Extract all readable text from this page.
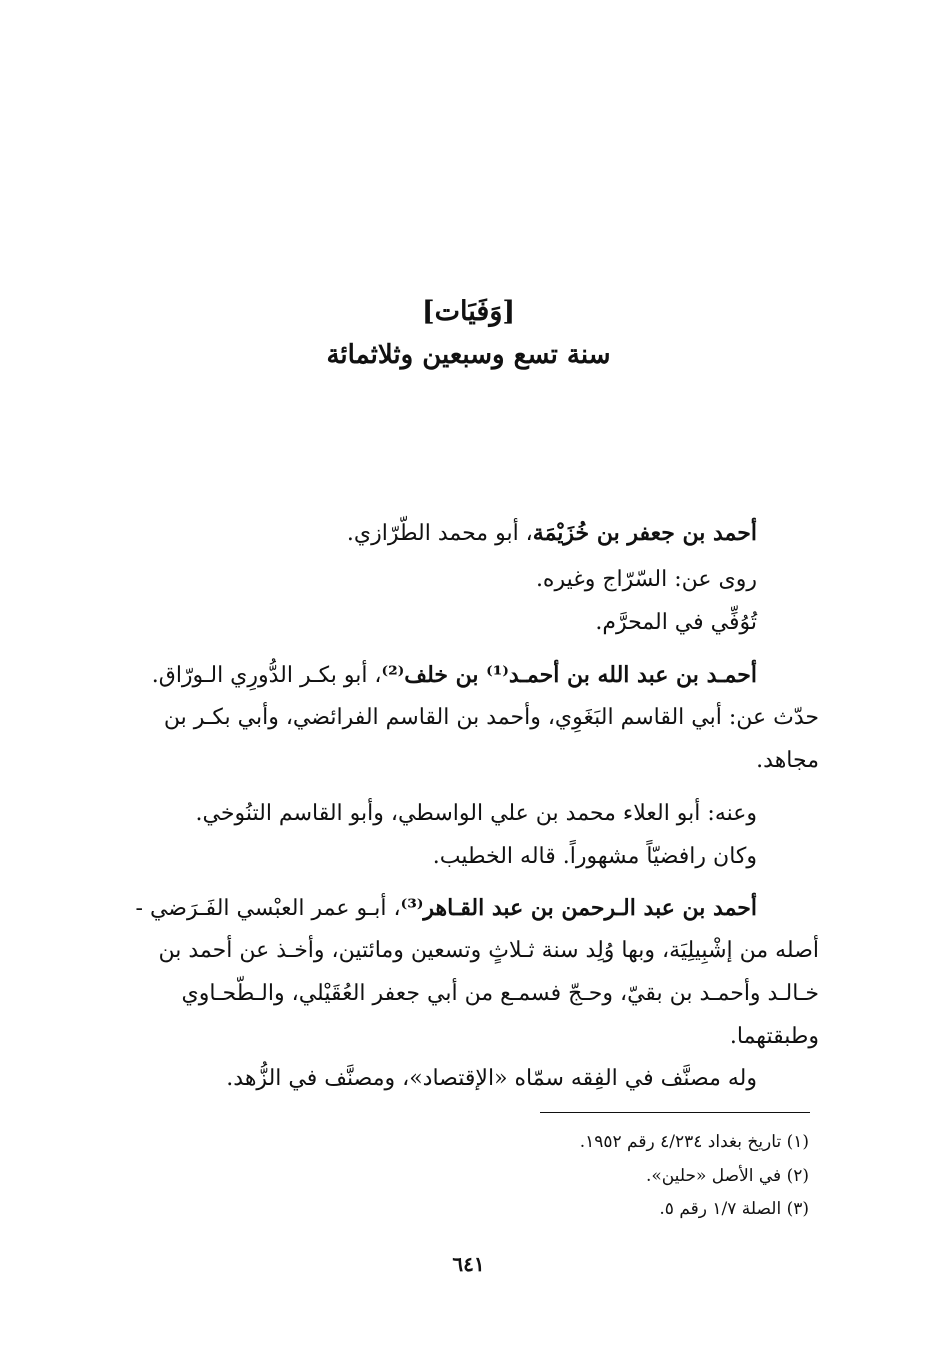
[وَفَيَات]
سنة تسع وسبعين وثلاثمائة
أحمد بن جعفر بن خُزَيْمَة، أبو محمد الطّرّازي.
روى عن: السّرّاج وغيره.
تُوُفِّي في المحرَّم.
أحمـد بن عبد الله بن أحمـد⁽¹⁾ بن خلف⁽²⁾، أبو بكـر الدُّورِي الـورّاق.
حدّث عن: أبي القاسم البَغَوِي، وأحمد بن القاسم الفرائضي، وأبي بكـر بن
مجاهد.
وعنه: أبو العلاء محمد بن علي الواسطي، وأبو القاسم التنُوخي.
وكان رافضيّاً مشهوراً. قاله الخطيب.
أحمد بن عبد الـرحمن بن عبد القـاهر⁽³⁾، أبـو عمر العبْسي الفَـرَضي -
أصله من إشْبِيلِيَة، وبها وُلِد سنة ثـلاثٍ وتسعين ومائتين، وأخـذ عن أحمد بن
خـالـد وأحمـد بن بقيّ، وحـجّ فسمـع من أبي جعفر العُقَيْلي، والـطّحـاوي
وطبقتهما.
وله مصنَّف في الفِقه سمّاه «الإقتصاد»، ومصنَّف في الزُّهد.
(١) تاريخ بغداد ٤/٢٣٤ رقم ١٩٥٢.
(٢) في الأصل «حلين».
(٣) الصلة ١/٧ رقم ٥.
٦٤١
